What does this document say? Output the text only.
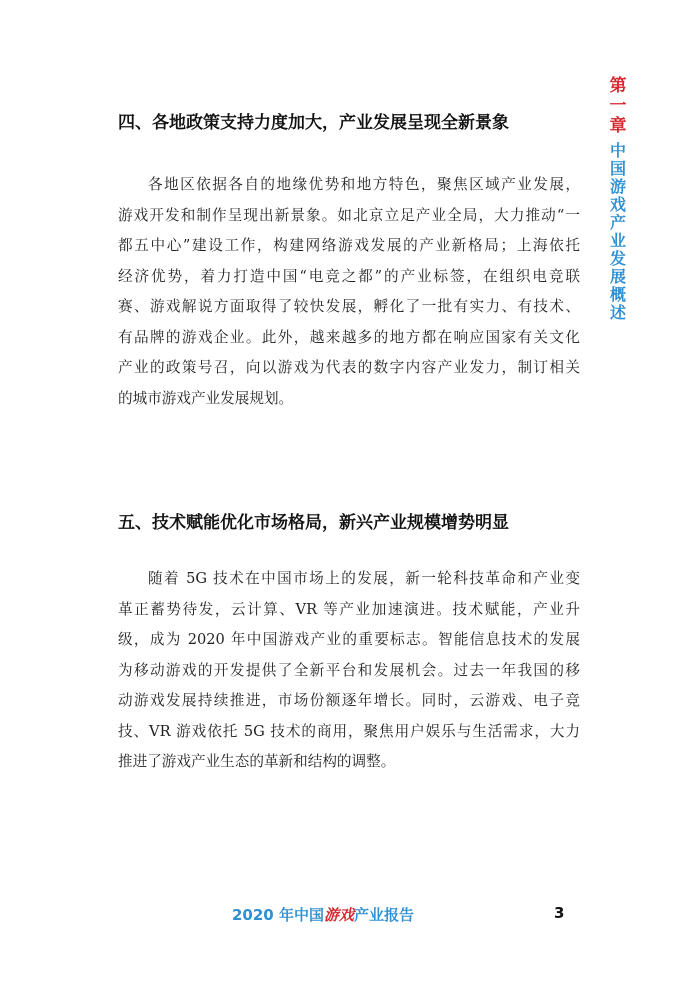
第一章
中国游戏产业发展概述
四、各地政策支持力度加大，产业发展呈现全新景象
各地区依据各自的地缘优势和地方特色，聚焦区域产业发展，
游戏开发和制作呈现出新景象。如北京立足产业全局，大力推动“一
都五中心”建设工作，构建网络游戏发展的产业新格局；上海依托
经济优势，着力打造中国“电竞之都”的产业标签，在组织电竞联
赛、游戏解说方面取得了较快发展，孵化了一批有实力、有技术、
有品牌的游戏企业。此外，越来越多的地方都在响应国家有关文化
产业的政策号召，向以游戏为代表的数字内容产业发力，制订相关
的城市游戏产业发展规划。
五、技术赋能优化市场格局，新兴产业规模增势明显
随着 5G 技术在中国市场上的发展，新一轮科技革命和产业变
革正蓄势待发，云计算、VR 等产业加速演进。技术赋能，产业升
级，成为 2020 年中国游戏产业的重要标志。智能信息技术的发展
为移动游戏的开发提供了全新平台和发展机会。过去一年我国的移
动游戏发展持续推进，市场份额逐年增长。同时，云游戏、电子竞
技、VR 游戏依托 5G 技术的商用，聚焦用户娱乐与生活需求，大力
推进了游戏产业生态的革新和结构的调整。
2020 年中国游戏产业报告	3
